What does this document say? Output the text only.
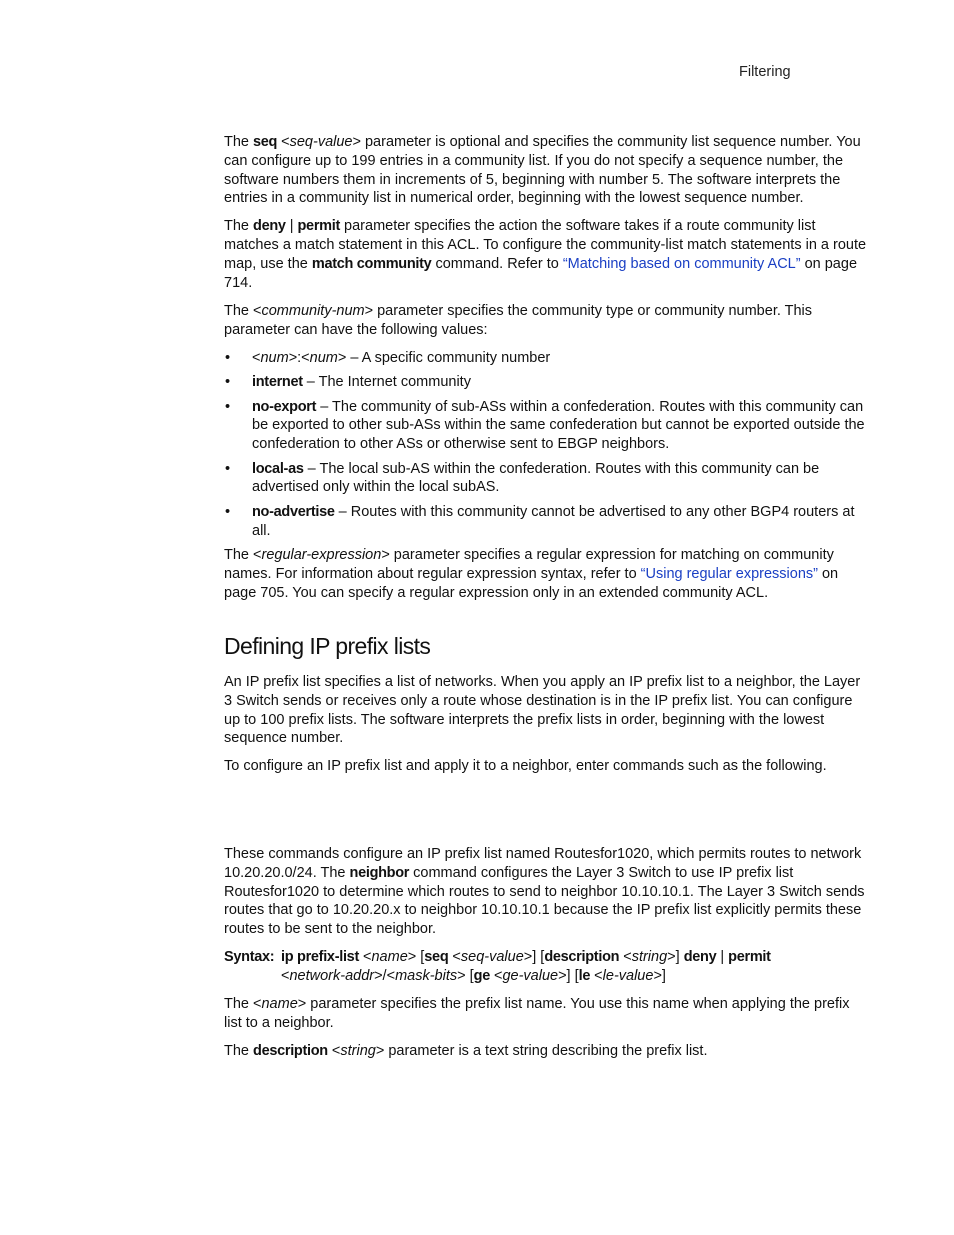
Filtering

The seq <seq-value> parameter is optional and specifies the community list sequence number. You can configure up to 199 entries in a community list. If you do not specify a sequence number, the software numbers them in increments of 5, beginning with number 5. The software interprets the entries in a community list in numerical order, beginning with the lowest sequence number.

The deny | permit parameter specifies the action the software takes if a route community list matches a match statement in this ACL. To configure the community-list match statements in a route map, use the match community command. Refer to “Matching based on community ACL” on page 714.

The <community-num> parameter specifies the community type or community number. This parameter can have the following values:

• <num>:<num> – A specific community number
• internet – The Internet community
• no-export – The community of sub-ASs within a confederation. Routes with this community can be exported to other sub-ASs within the same confederation but cannot be exported outside the confederation to other ASs or otherwise sent to EBGP neighbors.
• local-as – The local sub-AS within the confederation. Routes with this community can be advertised only within the local subAS.
• no-advertise – Routes with this community cannot be advertised to any other BGP4 routers at all.

The <regular-expression> parameter specifies a regular expression for matching on community names. For information about regular expression syntax, refer to “Using regular expressions” on page 705. You can specify a regular expression only in an extended community ACL.

Defining IP prefix lists

An IP prefix list specifies a list of networks. When you apply an IP prefix list to a neighbor, the Layer 3 Switch sends or receives only a route whose destination is in the IP prefix list. You can configure up to 100 prefix lists. The software interprets the prefix lists in order, beginning with the lowest sequence number.

To configure an IP prefix list and apply it to a neighbor, enter commands such as the following.

These commands configure an IP prefix list named Routesfor1020, which permits routes to network 10.20.20.0/24. The neighbor command configures the Layer 3 Switch to use IP prefix list Routesfor1020 to determine which routes to send to neighbor 10.10.10.1. The Layer 3 Switch sends routes that go to 10.20.20.x to neighbor 10.10.10.1 because the IP prefix list explicitly permits these routes to be sent to the neighbor.

Syntax: ip prefix-list <name> [seq <seq-value>] [description <string>] deny | permit
<network-addr>/<mask-bits> [ge <ge-value>] [le <le-value>]

The <name> parameter specifies the prefix list name. You use this name when applying the prefix list to a neighbor.

The description <string> parameter is a text string describing the prefix list.
